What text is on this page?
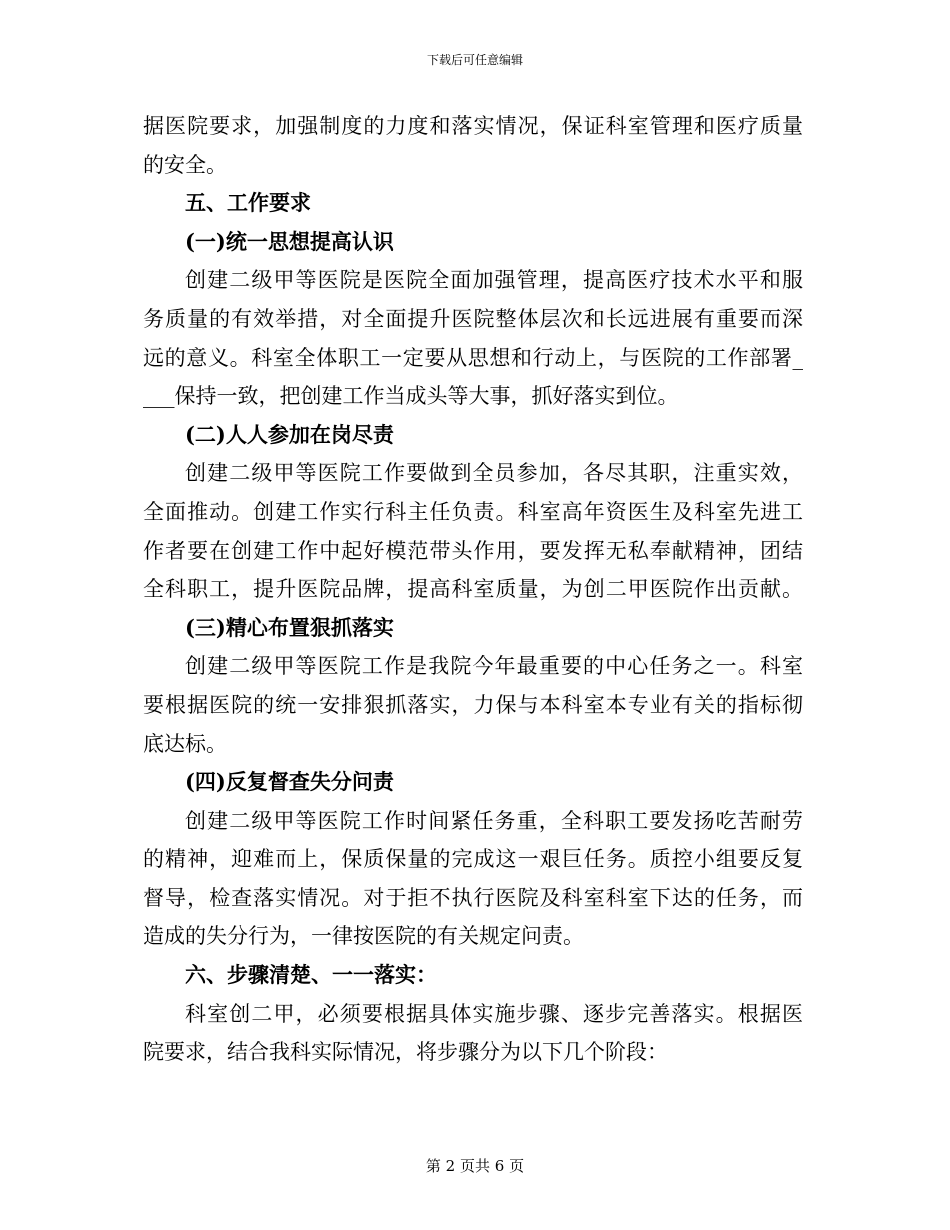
下载后可任意编辑
据医院要求，加强制度的力度和落实情况，保证科室管理和医疗质量
的安全。
五、工作要求
(一)统一思想提高认识
创建二级甲等医院是医院全面加强管理，提高医疗技术水平和服
务质量的有效举措，对全面提升医院整体层次和长远进展有重要而深
远的意义。科室全体职工一定要从思想和行动上，与医院的工作部署_
___保持一致，把创建工作当成头等大事，抓好落实到位。
(二)人人参加在岗尽责
创建二级甲等医院工作要做到全员参加，各尽其职，注重实效，
全面推动。创建工作实行科主任负责。科室高年资医生及科室先进工
作者要在创建工作中起好模范带头作用，要发挥无私奉献精神，团结
全科职工，提升医院品牌，提高科室质量，为创二甲医院作出贡献。
(三)精心布置狠抓落实
创建二级甲等医院工作是我院今年最重要的中心任务之一。科室
要根据医院的统一安排狠抓落实，力保与本科室本专业有关的指标彻
底达标。
(四)反复督查失分问责
创建二级甲等医院工作时间紧任务重，全科职工要发扬吃苦耐劳
的精神，迎难而上，保质保量的完成这一艰巨任务。质控小组要反复
督导，检查落实情况。对于拒不执行医院及科室科室下达的任务，而
造成的失分行为，一律按医院的有关规定问责。
六、步骤清楚、一一落实：
科室创二甲，必须要根据具体实施步骤、逐步完善落实。根据医
院要求，结合我科实际情况，将步骤分为以下几个阶段：
第 2 页共 6 页
